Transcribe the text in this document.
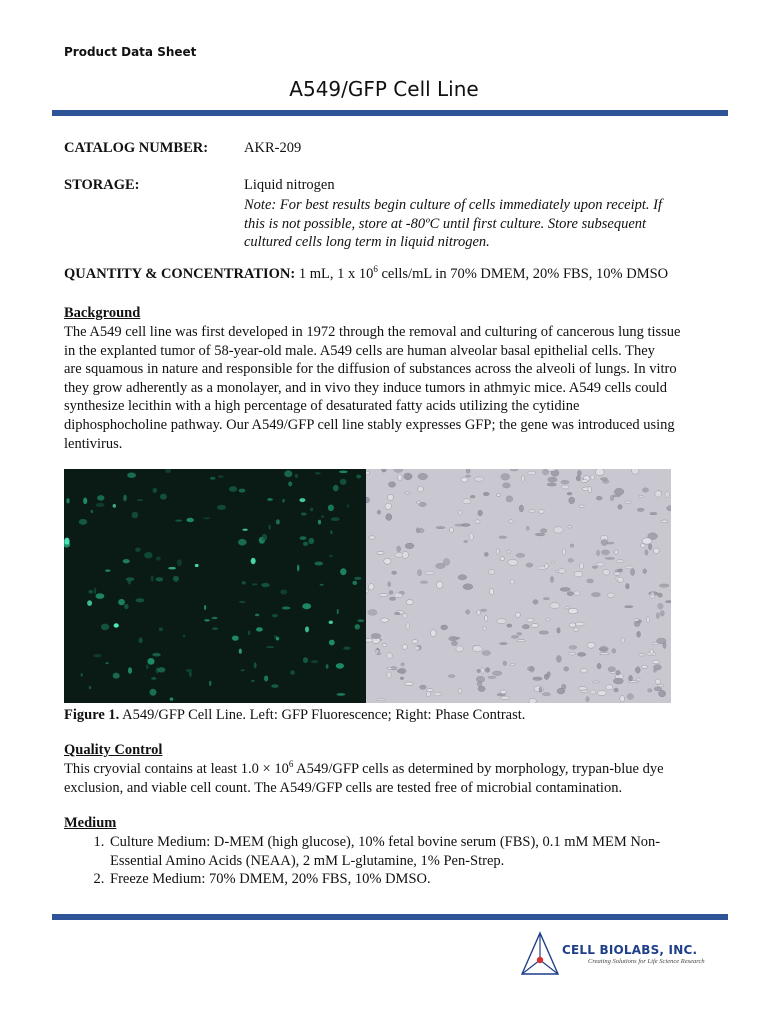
Product Data Sheet
A549/GFP Cell Line
CATALOG NUMBER: AKR-209
STORAGE:	Liquid nitrogen
Note: For best results begin culture of cells immediately upon receipt. If
this is not possible, store at -80ºC until first culture. Store subsequent
cultured cells long term in liquid nitrogen.
QUANTITY & CONCENTRATION: 1 mL, 1 x $10^6$ cells/mL in 70% DMEM, 20% FBS, 10% DMSO
Background
The A549 cell line was first developed in 1972 through the removal and culturing of cancerous lung tissue
in the explanted tumor of 58-year-old male. A549 cells are human alveolar basal epithelial cells. They
are squamous in nature and responsible for the diffusion of substances across the alveoli of lungs. In vitro
they grow adherently as a monolayer, and in vivo they induce tumors in athmyic mice. A549 cells could
synthesize lecithin with a high percentage of desaturated fatty acids utilizing the cytidine
diphosphocholine pathway. Our A549/GFP cell line stably expresses GFP; the gene was introduced using
lentivirus.
Figure 1. A549/GFP Cell Line. Left: GFP Fluorescence; Right: Phase Contrast.
Quality Control
This cryovial contains at least $1.0 \times 10^6$ A549/GFP cells as determined by morphology, trypan-blue dye
exclusion, and viable cell count. The A549/GFP cells are tested free of microbial contamination.
Medium
1. Culture Medium: D-MEM (high glucose), 10% fetal bovine serum (FBS), 0.1 mM MEM Non-Essential Amino Acids (NEAA), 2 mM L-glutamine, 1% Pen-Strep.
2. Freeze Medium: 70% DMEM, 20% FBS, 10% DMSO.
CELL BIOLABS, INC.
Creating Solutions for Life Science Research
